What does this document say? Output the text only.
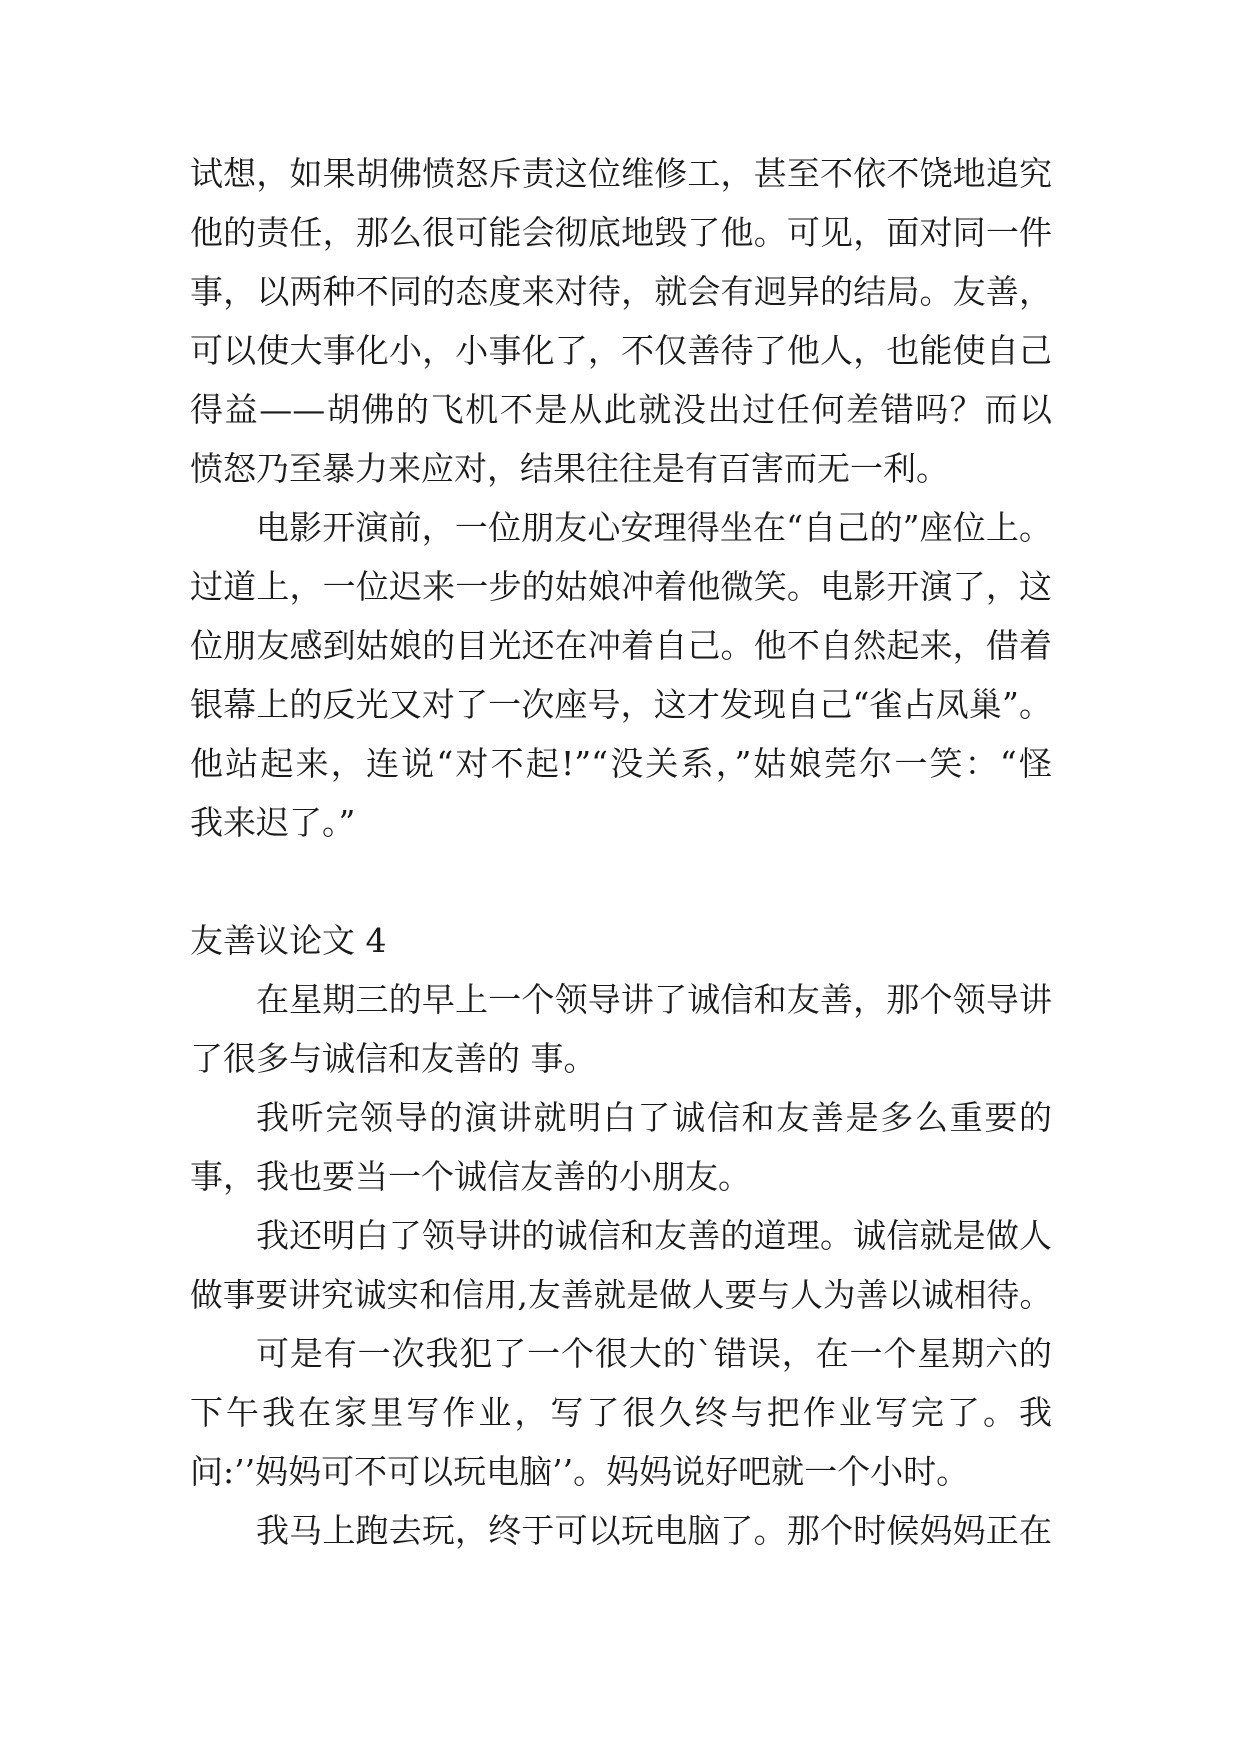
试想，如果胡佛愤怒斥责这位维修工，甚至不依不饶地追究
他的责任，那么很可能会彻底地毁了他。可见，面对同一件
事，以两种不同的态度来对待，就会有迥异的结局。友善，
可以使大事化小，小事化了，不仅善待了他人，也能使自己
得益——胡佛的飞机不是从此就没出过任何差错吗？而以
愤怒乃至暴力来应对，结果往往是有百害而无一利。
电影开演前，一位朋友心安理得坐在“自己的”座位上。
过道上，一位迟来一步的姑娘冲着他微笑。电影开演了，这
位朋友感到姑娘的目光还在冲着自己。他不自然起来，借着
银幕上的反光又对了一次座号，这才发现自己“雀占凤巢”。
他站起来，连说“对不起!”“没关系，”姑娘莞尔一笑：“怪
我来迟了。”
友善议论文 4
在星期三的早上一个领导讲了诚信和友善，那个领导讲
了很多与诚信和友善的 事。
我听完领导的演讲就明白了诚信和友善是多么重要的
事，我也要当一个诚信友善的小朋友。
我还明白了领导讲的诚信和友善的道理。诚信就是做人
做事要讲究诚实和信用,友善就是做人要与人为善以诚相待。
可是有一次我犯了一个很大的`错误，在一个星期六的
下午我在家里写作业，写了很久终与把作业写完了。我
问:’’妈妈可不可以玩电脑’’。妈妈说好吧就一个小时。
我马上跑去玩，终于可以玩电脑了。那个时候妈妈正在
